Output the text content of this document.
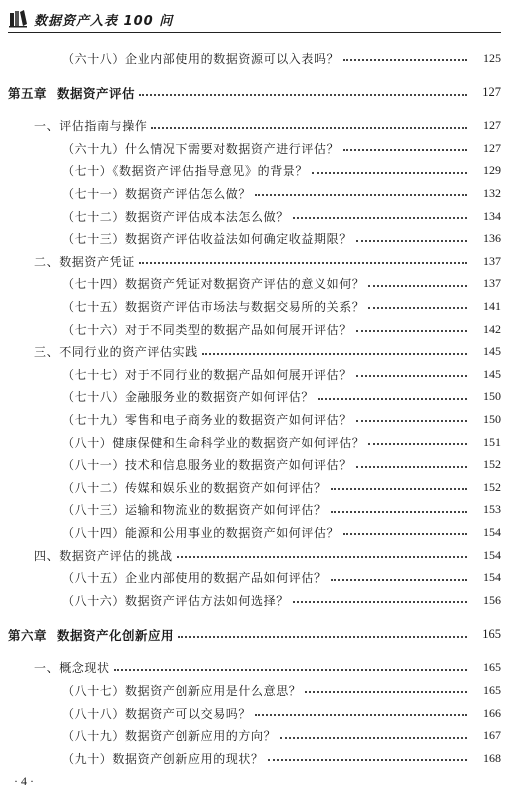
数据资产入表 100 问
（六十八）企业内部使用的数据资源可以入表吗？	125
第五章 数据资产评估	127
一、评估指南与操作	127
（六十九）什么情况下需要对数据资产进行评估？	127
（七十）《数据资产评估指导意见》的背景？	129
（七十一）数据资产评估怎么做？	132
（七十二）数据资产评估成本法怎么做？	134
（七十三）数据资产评估收益法如何确定收益期限？	136
二、数据资产凭证	137
（七十四）数据资产凭证对数据资产评估的意义如何？	137
（七十五）数据资产评估市场法与数据交易所的关系？	141
（七十六）对于不同类型的数据产品如何展开评估？	142
三、不同行业的资产评估实践	145
（七十七）对于不同行业的数据产品如何展开评估？	145
（七十八）金融服务业的数据资产如何评估？	150
（七十九）零售和电子商务业的数据资产如何评估？	150
（八十）健康保健和生命科学业的数据资产如何评估？	151
（八十一）技术和信息服务业的数据资产如何评估？	152
（八十二）传媒和娱乐业的数据资产如何评估？	152
（八十三）运输和物流业的数据资产如何评估？	153
（八十四）能源和公用事业的数据资产如何评估？	154
四、数据资产评估的挑战	154
（八十五）企业内部使用的数据产品如何评估？	154
（八十六）数据资产评估方法如何选择？	156
第六章 数据资产化创新应用	165
一、概念现状	165
（八十七）数据资产创新应用是什么意思？	165
（八十八）数据资产可以交易吗？	166
（八十九）数据资产创新应用的方向？	167
（九十）数据资产创新应用的现状？	168
· 4 ·
